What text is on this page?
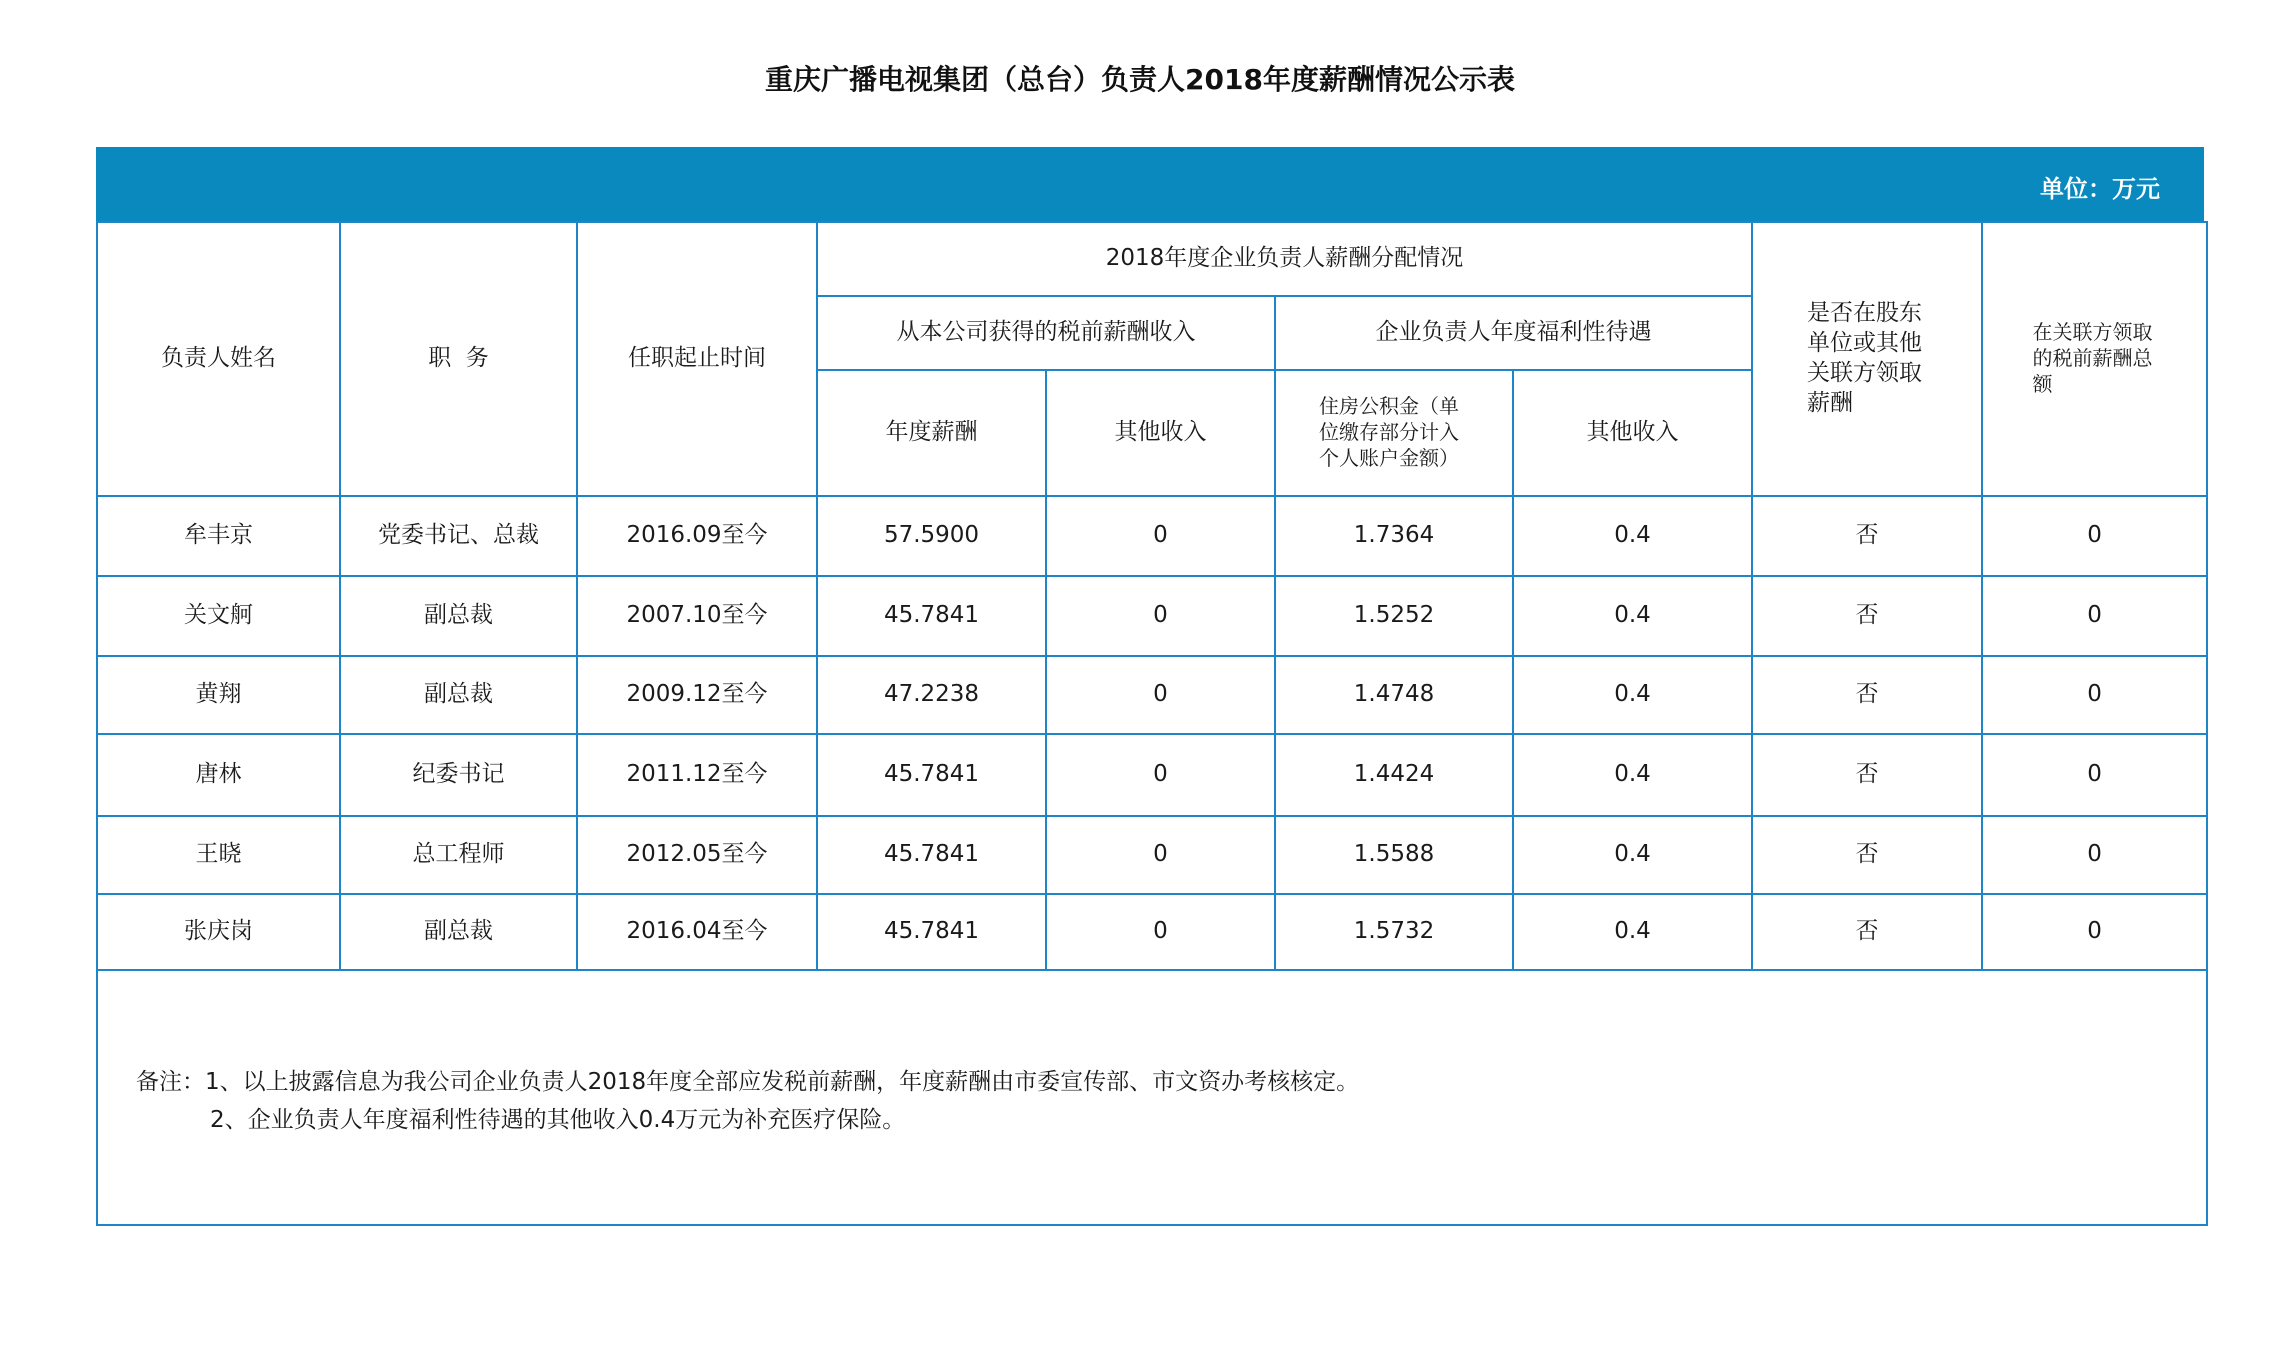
重庆广播电视集团（总台）负责人2018年度薪酬情况公示表
单位：万元
负责人姓名	职  务	任职起止时间	2018年度企业负责人薪酬分配情况				是否在股东单位或其他关联方领取薪酬	在关联方领取的税前薪酬总额
			从本公司获得的税前薪酬收入		企业负责人年度福利性待遇			
			年度薪酬	其他收入	住房公积金（单位缴存部分计入个人账户金额）	其他收入		
牟丰京	党委书记、总裁	2016.09至今	57.5900	0	1.7364	0.4	否	0
关文舸	副总裁	2007.10至今	45.7841	0	1.5252	0.4	否	0
黄翔	副总裁	2009.12至今	47.2238	0	1.4748	0.4	否	0
唐林	纪委书记	2011.12至今	45.7841	0	1.4424	0.4	否	0
王晓	总工程师	2012.05至今	45.7841	0	1.5588	0.4	否	0
张庆岗	副总裁	2016.04至今	45.7841	0	1.5732	0.4	否	0

备注：1、以上披露信息为我公司企业负责人2018年度全部应发税前薪酬，年度薪酬由市委宣传部、市文资办考核核定。
2、企业负责人年度福利性待遇的其他收入0.4万元为补充医疗保险。								
